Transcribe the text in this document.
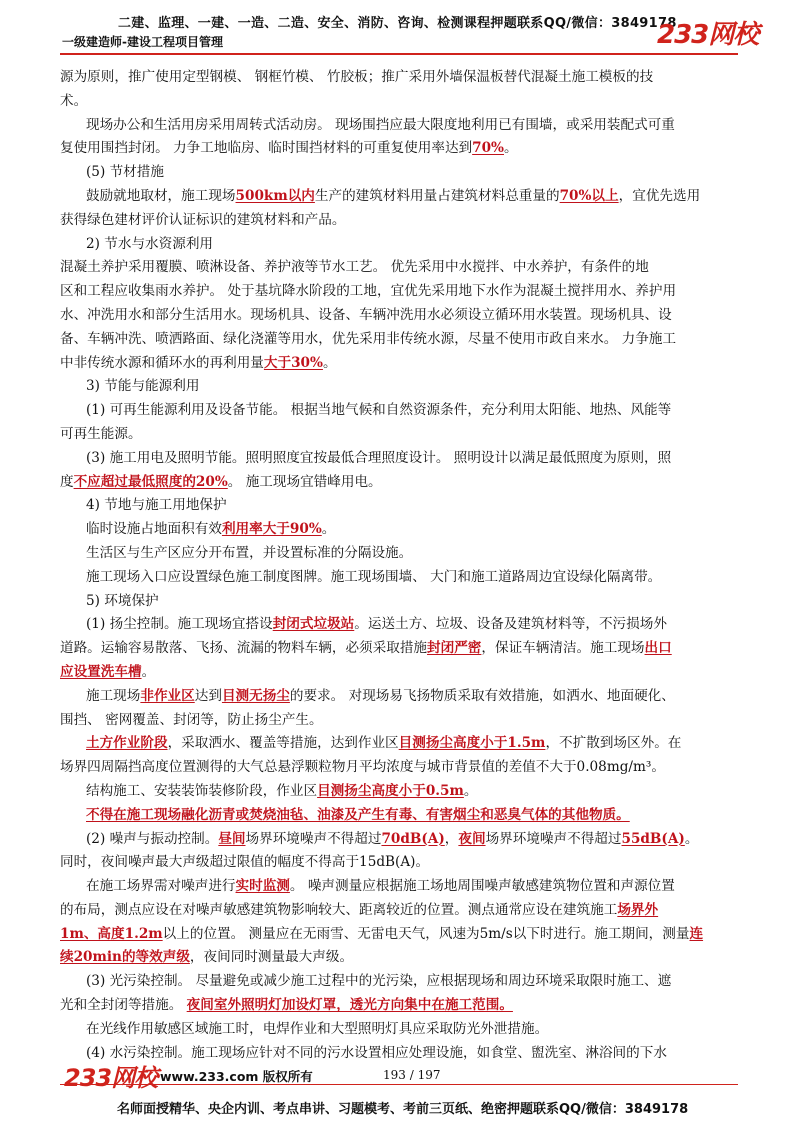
二建、监理、一建、一造、二造、安全、消防、咨询、检测课程押题联系QQ/微信：3849178
一级建造师-建设工程项目管理	233网校
源为原则，推广使用定型钢模、 钢框竹模、 竹胶板；推广采用外墙保温板替代混凝土施工模板的技
术。
现场办公和生活用房采用周转式活动房。 现场围挡应最大限度地利用已有围墙，或采用装配式可重
复使用围挡封闭。 力争工地临房、临时围挡材料的可重复使用率达到70%。
(5) 节材措施
鼓励就地取材，施工现场500km以内生产的建筑材料用量占建筑材料总重量的70%以上，宜优先选用
获得绿色建材评价认证标识的建筑材料和产品。
2) 节水与水资源利用
混凝土养护采用覆膜、喷淋设备、养护液等节水工艺。 优先采用中水搅拌、中水养护，有条件的地
区和工程应收集雨水养护。 处于基坑降水阶段的工地，宜优先采用地下水作为混凝土搅拌用水、养护用
水、冲洗用水和部分生活用水。现场机具、设备、车辆冲洗用水必须设立循环用水装置。现场机具、设
备、车辆冲洗、喷洒路面、绿化浇灌等用水，优先采用非传统水源，尽量不使用市政自来水。 力争施工
中非传统水源和循环水的再利用量大于30%。
3) 节能与能源利用
(1) 可再生能源利用及设备节能。 根据当地气候和自然资源条件，充分利用太阳能、地热、风能等
可再生能源。
(3) 施工用电及照明节能。照明照度宜按最低合理照度设计。 照明设计以满足最低照度为原则，照
度不应超过最低照度的20%。 施工现场宜错峰用电。
4) 节地与施工用地保护
临时设施占地面积有效利用率大于90%。
生活区与生产区应分开布置，并设置标准的分隔设施。
施工现场入口应设置绿色施工制度图牌。施工现场围墙、 大门和施工道路周边宜设绿化隔离带。
5) 环境保护
(1) 扬尘控制。施工现场宜搭设封闭式垃圾站。运送土方、垃圾、设备及建筑材料等，不污损场外
道路。运输容易散落、飞扬、流漏的物料车辆，必须采取措施封闭严密，保证车辆清洁。施工现场出口
应设置洗车槽。
施工现场非作业区达到目测无扬尘的要求。 对现场易飞扬物质采取有效措施，如洒水、地面硬化、
围挡、 密网覆盖、封闭等，防止扬尘产生。
土方作业阶段，采取洒水、覆盖等措施，达到作业区目测扬尘高度小于1.5m，不扩散到场区外。在
场界四周隔挡高度位置测得的大气总悬浮颗粒物月平均浓度与城市背景值的差值不大于0.08mg/m³。
结构施工、安装装饰装修阶段，作业区目测扬尘高度小于0.5m。
不得在施工现场融化沥青或焚烧油毡、油漆及产生有毒、有害烟尘和恶臭气体的其他物质。
(2) 噪声与振动控制。昼间场界环境噪声不得超过70dB(A)，夜间场界环境噪声不得超过55dB(A)。
同时，夜间噪声最大声级超过限值的幅度不得高于15dB(A)。
在施工场界需对噪声进行实时监测。 噪声测量应根据施工场地周围噪声敏感建筑物位置和声源位置
的布局，测点应设在对噪声敏感建筑物影响较大、距离较近的位置。测点通常应设在建筑施工场界外
1m、高度1.2m以上的位置。 测量应在无雨雪、无雷电天气，风速为5m/s以下时进行。施工期间，测量连
续20min的等效声级，夜间同时测量最大声级。
(3) 光污染控制。 尽量避免或减少施工过程中的光污染，应根据现场和周边环境采取限时施工、遮
光和全封闭等措施。 夜间室外照明灯加设灯罩，透光方向集中在施工范围。
在光线作用敏感区域施工时，电焊作业和大型照明灯具应采取防光外泄措施。
(4) 水污染控制。施工现场应针对不同的污水设置相应处理设施，如食堂、盥洗室、淋浴间的下水
233网校 www.233.com 版权所有	193 / 197
名师面授精华、央企内训、考点串讲、习题模考、考前三页纸、绝密押题联系QQ/微信：3849178
